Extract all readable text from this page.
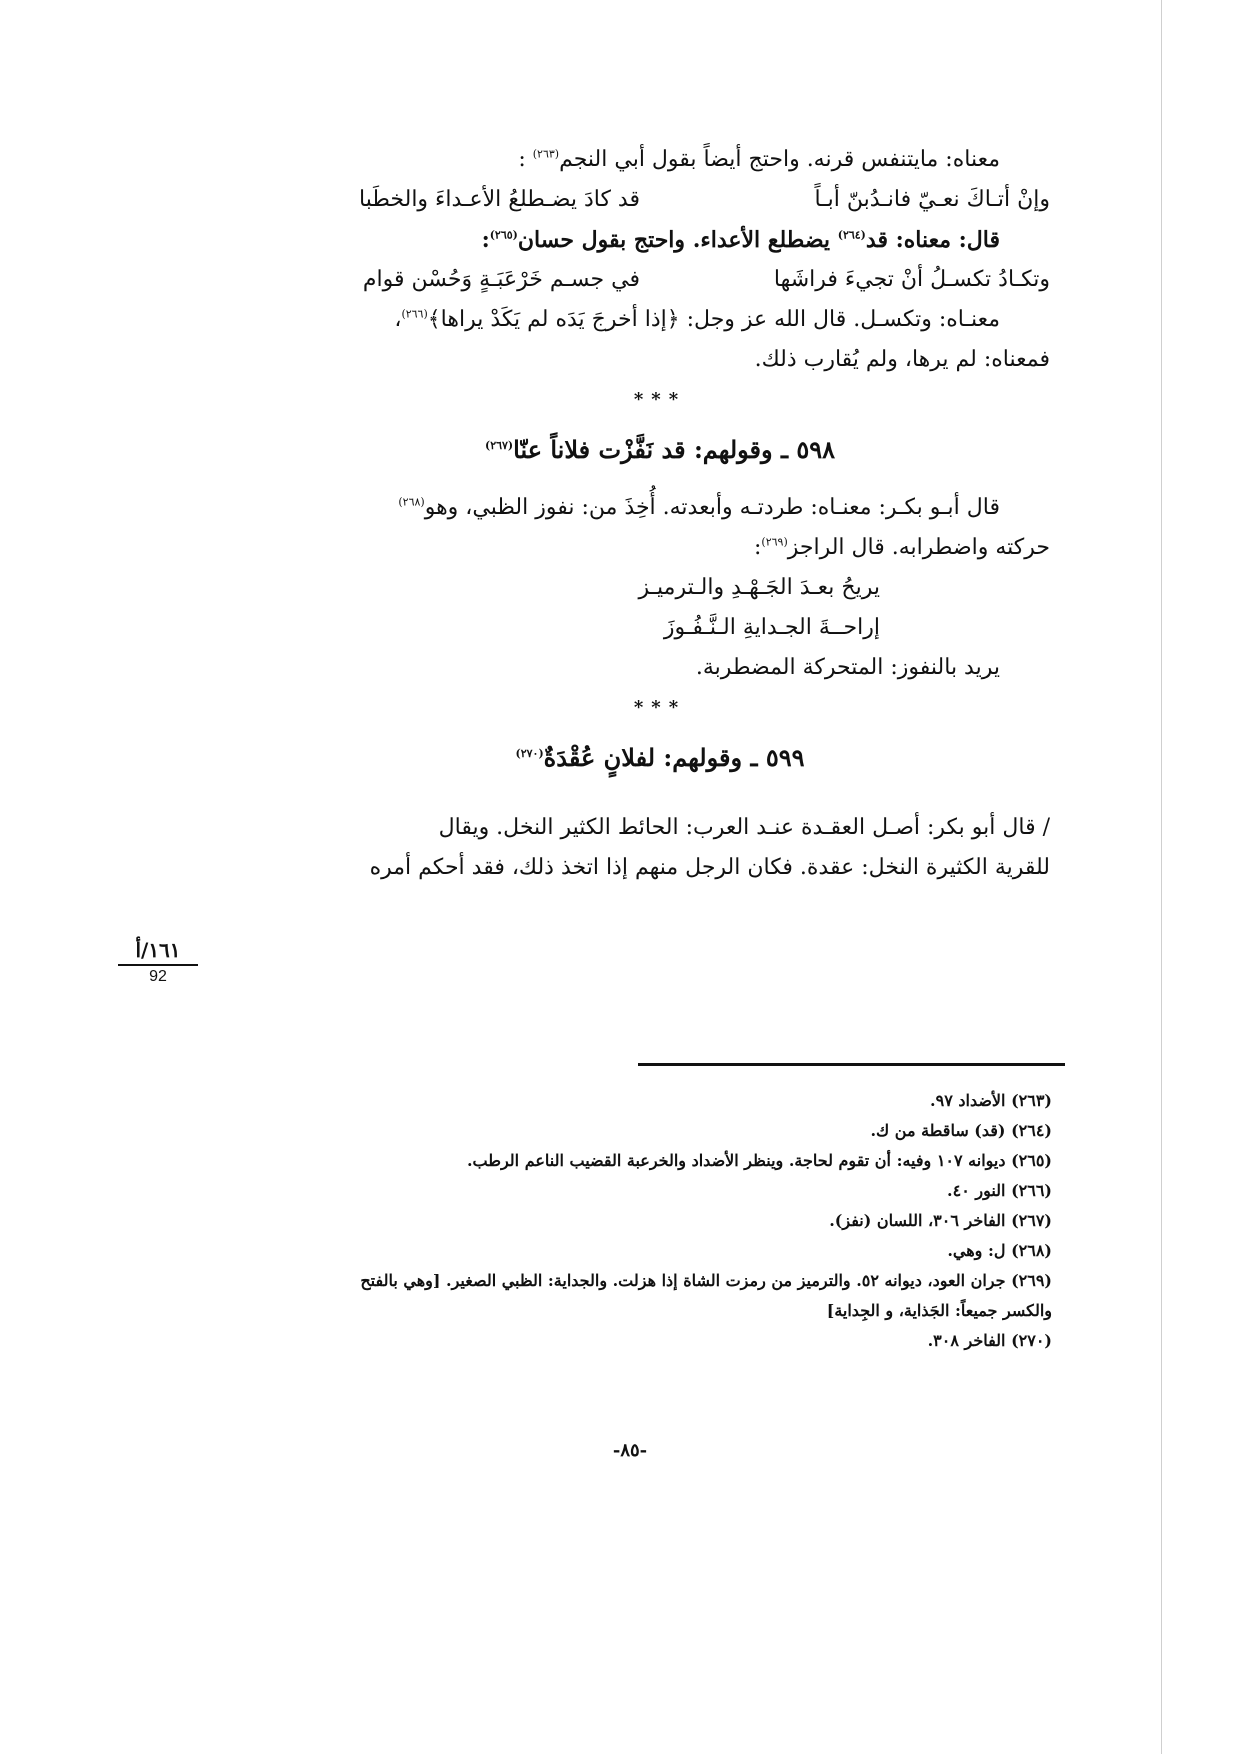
معناه: مايتنفس قرنه. واحتج أيضاً بقول أبي النجم$^{(٢٦٣)}$ :
وإنْ أتـاكَ نعـيّ فانـدُبنّ أبـاً
قد كادَ يضـطلعُ الأعـداءَ والخطَبا
قال: معناه: قد$^{(٢٦٤)}$ يضطلع الأعداء. واحتج بقول حسان$^{(٢٦٥)}$:
وتكـادُ تكسـلُ أنْ تجيءَ فراشَها
في جسـم خَرْعَبَـةٍ وَحُسْن قوام
معنـاه: وتكسـل. قال الله عز وجل: ﴿إذا أخرجَ يَدَه لم يَكَدْ يراها﴾$^{(٢٦٦)}$،
فمعناه: لم يرها، ولم يُقارب ذلك.
***
٥٩٨ ـ وقولهم: قد نَفَّزْت فلاناً عنّا$^{(٢٦٧)}$
قال أبـو بكـر: معنـاه: طردتـه وأبعدته. أُخِذَ من: نفوز الظبي، وهو$^{(٢٦٨)}$
حركته واضطرابه. قال الراجز$^{(٢٦٩)}$:
يريحُ بعـدَ الجَـهْـدِ والـترميـز
إراحــةَ الجـدايةِ الـنَّـفُـوزَ
يريد بالنفوز: المتحركة المضطربة.
***
٥٩٩ ـ وقولهم: لفلانٍ عُقْدَةٌ$^{(٢٧٠)}$
/ قال أبو بكر: أصـل العقـدة عنـد العرب: الحائط الكثير النخل. ويقال
للقرية الكثيرة النخل: عقدة. فكان الرجل منهم إذا اتخذ ذلك، فقد أحكم أمره
١٦١/أ
92
(٢٦٣) الأضداد ٩٧.
(٢٦٤) (قد) ساقطة من ك.
(٢٦٥) ديوانه ١٠٧ وفيه: أن تقوم لحاجة. وينظر الأضداد والخرعبة القضيب الناعم الرطب.
(٢٦٦) النور ٤٠.
(٢٦٧) الفاخر ٣٠٦، اللسان (نفز).
(٢٦٨) ل: وهي.
(٢٦٩) جران العود، ديوانه ٥٢. والترميز من رمزت الشاة إذا هزلت. والجداية: الظبي الصغير. [وهي بالفتح
والكسر جميعاً: الجَذاية، و الجِداية]
(٢٧٠) الفاخر ٣٠٨.
-٨٥-
